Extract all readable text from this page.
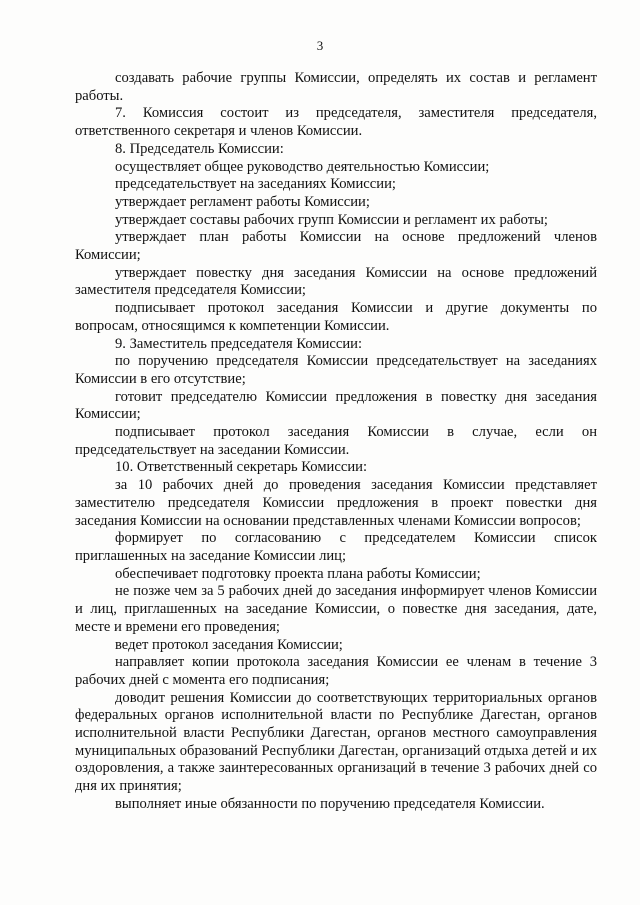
3

создавать рабочие группы Комиссии, определять их состав и регламент работы.

7. Комиссия состоит из председателя, заместителя председателя, ответственного секретаря и членов Комиссии.

8. Председатель Комиссии:

осуществляет общее руководство деятельностью Комиссии;

председательствует на заседаниях Комиссии;

утверждает регламент работы Комиссии;

утверждает составы рабочих групп Комиссии и регламент их работы;

утверждает план работы Комиссии на основе предложений членов Комиссии;

утверждает повестку дня заседания Комиссии на основе предложений заместителя председателя Комиссии;

подписывает протокол заседания Комиссии и другие документы по вопросам, относящимся к компетенции Комиссии.

9. Заместитель председателя Комиссии:

по поручению председателя Комиссии председательствует на заседаниях Комиссии в его отсутствие;

готовит председателю Комиссии предложения в повестку дня заседания Комиссии;

подписывает протокол заседания Комиссии в случае, если он председательствует на заседании Комиссии.

10. Ответственный секретарь Комиссии:

за 10 рабочих дней до проведения заседания Комиссии представляет заместителю председателя Комиссии предложения в проект повестки дня заседания Комиссии на основании представленных членами Комиссии вопросов;

формирует по согласованию с председателем Комиссии список приглашенных на заседание Комиссии лиц;

обеспечивает подготовку проекта плана работы Комиссии;

не позже чем за 5 рабочих дней до заседания информирует членов Комиссии и лиц, приглашенных на заседание Комиссии, о повестке дня заседания, дате, месте и времени его проведения;

ведет протокол заседания Комиссии;

направляет копии протокола заседания Комиссии ее членам в течение 3 рабочих дней с момента его подписания;

доводит решения Комиссии до соответствующих территориальных органов федеральных органов исполнительной власти по Республике Дагестан, органов исполнительной власти Республики Дагестан, органов местного самоуправления муниципальных образований Республики Дагестан, организаций отдыха детей и их оздоровления, а также заинтересованных организаций в течение 3 рабочих дней со дня их принятия;

выполняет иные обязанности по поручению председателя Комиссии.
